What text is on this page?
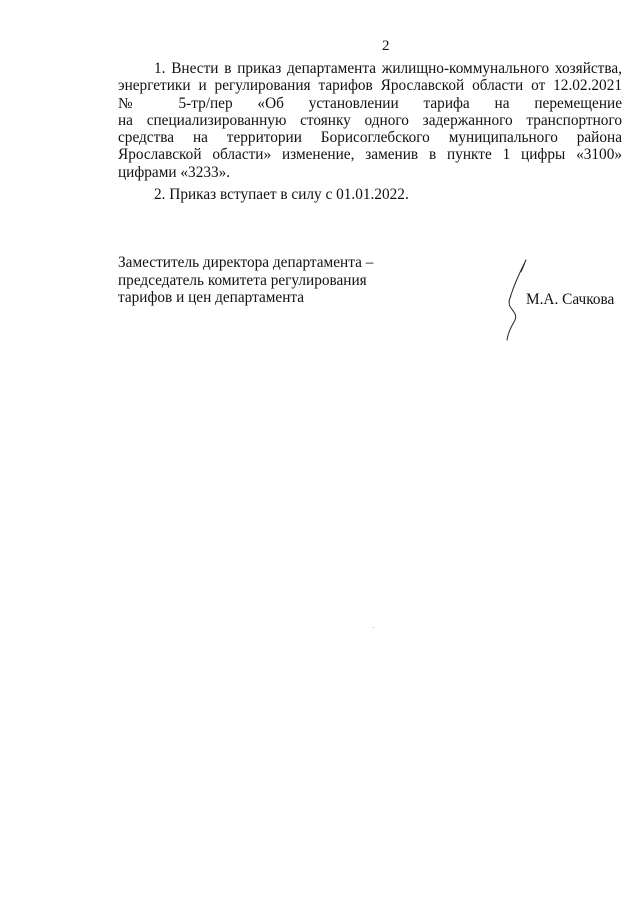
2
1. Внести в приказ департамента жилищно-коммунального хозяйства,
энергетики и регулирования тарифов Ярославской области от 12.02.2021
№ 5-тр/пер «Об установлении тарифа на перемещение
на специализированную стоянку одного задержанного транспортного
средства на территории Борисоглебского муниципального района
Ярославской области» изменение, заменив в пункте 1 цифры «3100»
цифрами «3233».
2. Приказ вступает в силу с 01.01.2022.
Заместитель директора департамента –
председатель комитета регулирования
тарифов и цен департамента	М.А. Сачкова
